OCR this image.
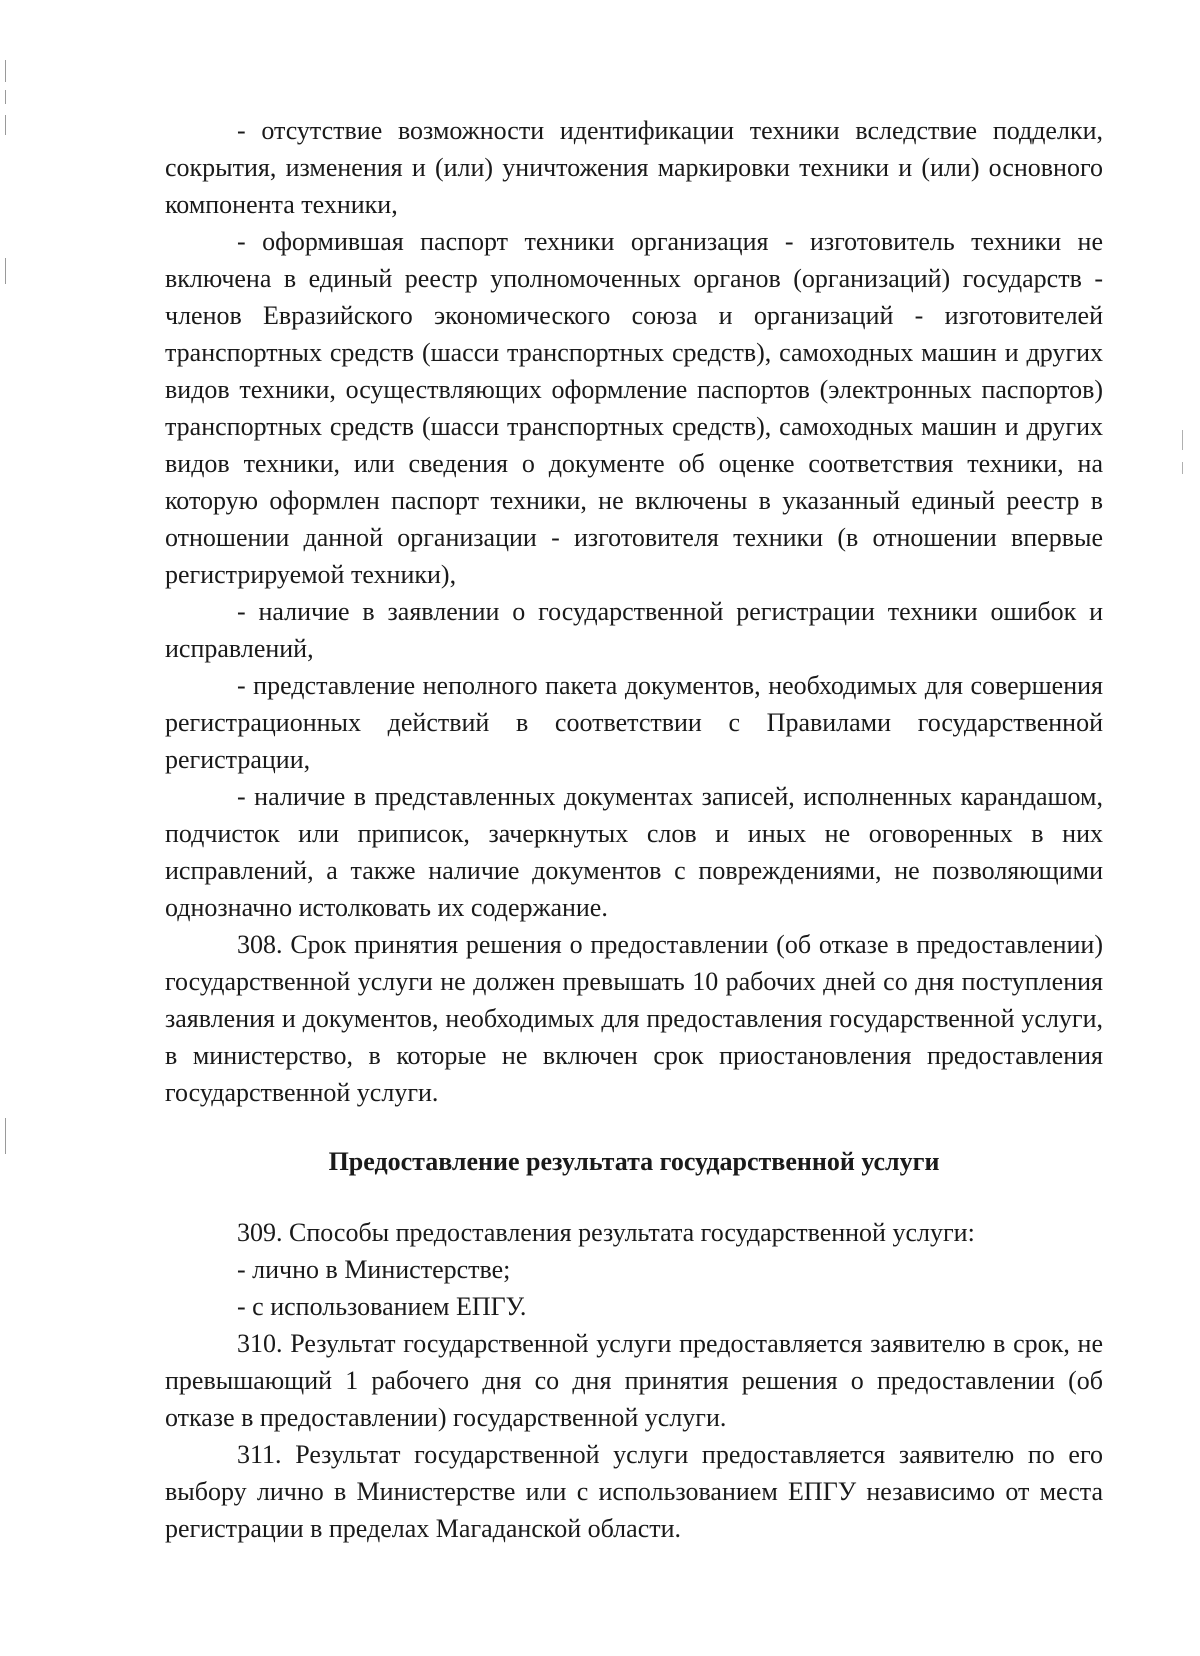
- отсутствие возможности идентификации техники вследствие подделки, сокрытия, изменения и (или) уничтожения маркировки техники и (или) основного компонента техники,

- оформившая паспорт техники организация - изготовитель техники не включена в единый реестр уполномоченных органов (организаций) государств - членов Евразийского экономического союза и организаций - изготовителей транспортных средств (шасси транспортных средств), самоходных машин и других видов техники, осуществляющих оформление паспортов (электронных паспортов) транспортных средств (шасси транспортных средств), самоходных машин и других видов техники, или сведения о документе об оценке соответствия техники, на которую оформлен паспорт техники, не включены в указанный единый реестр в отношении данной организации - изготовителя техники (в отношении впервые регистрируемой техники),

- наличие в заявлении о государственной регистрации техники ошибок и исправлений,

- представление неполного пакета документов, необходимых для совершения регистрационных действий в соответствии с Правилами государственной регистрации,

- наличие в представленных документах записей, исполненных карандашом, подчисток или приписок, зачеркнутых слов и иных не оговоренных в них исправлений, а также наличие документов с повреждениями, не позволяющими однозначно истолковать их содержание.

308. Срок принятия решения о предоставлении (об отказе в предоставлении) государственной услуги не должен превышать 10 рабочих дней со дня поступления заявления и документов, необходимых для предоставления государственной услуги, в министерство, в которые не включен срок приостановления предоставления государственной услуги.

Предоставление результата государственной услуги

309. Способы предоставления результата государственной услуги:

- лично в Министерстве;

- с использованием ЕПГУ.

310. Результат государственной услуги предоставляется заявителю в срок, не превышающий 1 рабочего дня со дня принятия решения о предоставлении (об отказе в предоставлении) государственной услуги.

311. Результат государственной услуги предоставляется заявителю по его выбору лично в Министерстве или с использованием ЕПГУ независимо от места регистрации в пределах Магаданской области.
